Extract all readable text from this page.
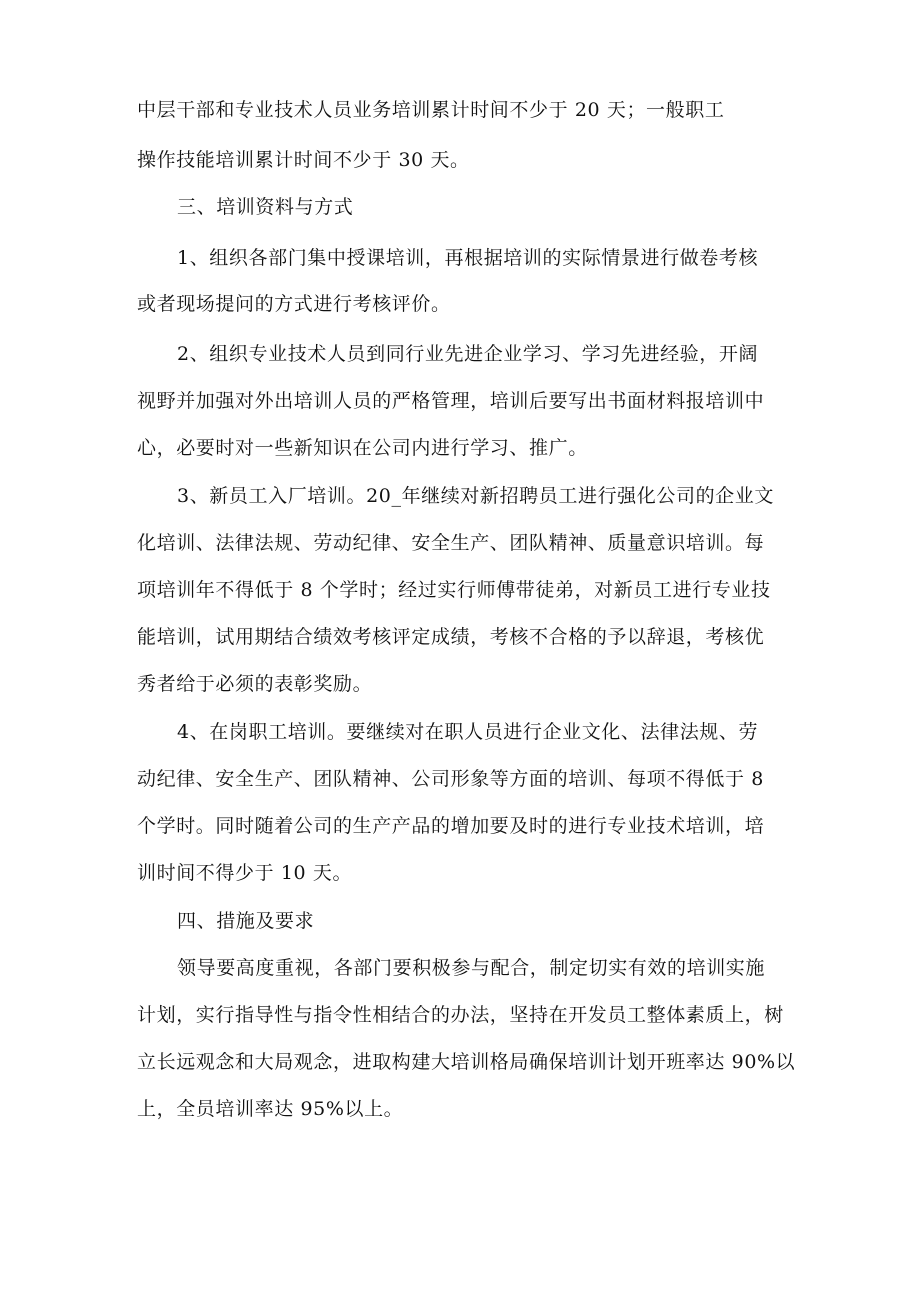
中层干部和专业技术人员业务培训累计时间不少于 20 天；一般职工
操作技能培训累计时间不少于 30 天。
三、培训资料与方式
1、组织各部门集中授课培训，再根据培训的实际情景进行做卷考核
或者现场提问的方式进行考核评价。
2、组织专业技术人员到同行业先进企业学习、学习先进经验，开阔
视野并加强对外出培训人员的严格管理，培训后要写出书面材料报培训中
心，必要时对一些新知识在公司内进行学习、推广。
3、新员工入厂培训。20_年继续对新招聘员工进行强化公司的企业文
化培训、法律法规、劳动纪律、安全生产、团队精神、质量意识培训。每
项培训年不得低于 8 个学时；经过实行师傅带徒弟，对新员工进行专业技
能培训，试用期结合绩效考核评定成绩，考核不合格的予以辞退，考核优
秀者给于必须的表彰奖励。
4、在岗职工培训。要继续对在职人员进行企业文化、法律法规、劳
动纪律、安全生产、团队精神、公司形象等方面的培训、每项不得低于 8
个学时。同时随着公司的生产产品的增加要及时的进行专业技术培训，培
训时间不得少于 10 天。
四、措施及要求
领导要高度重视，各部门要积极参与配合，制定切实有效的培训实施
计划，实行指导性与指令性相结合的办法，坚持在开发员工整体素质上，树
立长远观念和大局观念，进取构建大培训格局确保培训计划开班率达 90%以
上，全员培训率达 95%以上。
